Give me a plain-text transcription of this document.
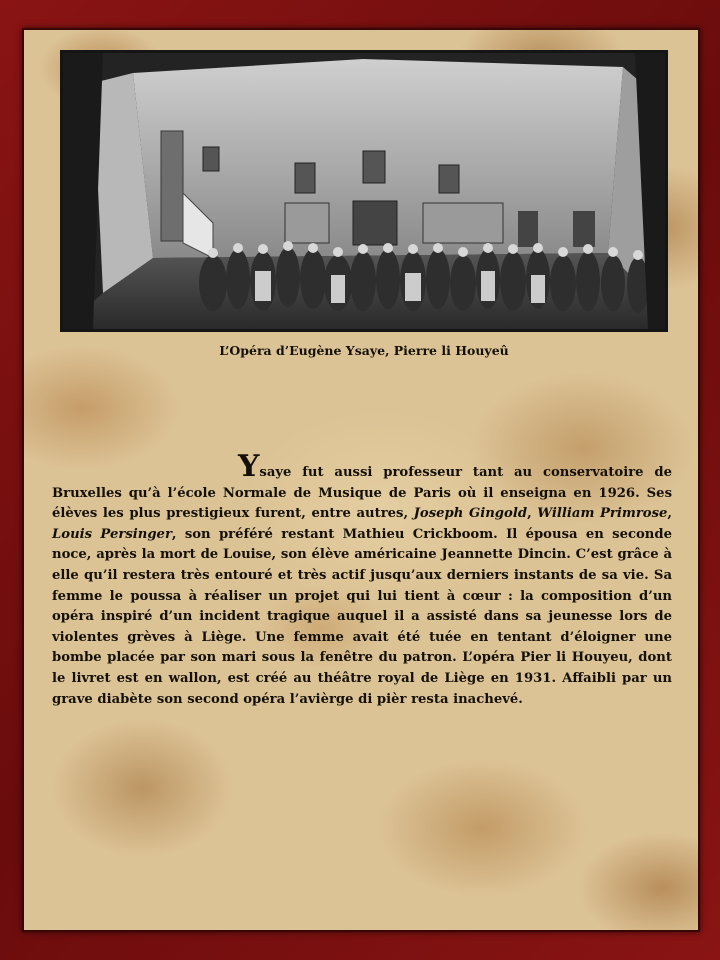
L’Opéra d’Eugène Ysaye, Pierre li Houyeû
Ysaye fut aussi professeur tant au conservatoire de Bruxelles qu’à l’école Normale de Musique de Paris où il enseigna en 1926. Ses élèves les plus prestigieux furent, entre autres, Joseph Gingold, William Primrose, Louis Persinger, son préféré restant Mathieu Crickboom. Il épousa en seconde noce, après la mort de Louise, son élève américaine Jeannette Dincin. C’est grâce à elle qu’il restera très entouré et très actif jusqu’aux derniers instants de sa vie. Sa femme le poussa à réaliser un projet qui lui tient à cœur : la composition d’un opéra inspiré d’un incident tragique auquel il a assisté dans sa jeunesse lors de violentes grèves à Liège. Une femme avait été tuée en tentant d’éloigner une bombe placée par son mari sous la fenêtre du patron. L’opéra Pier li Houyeu, dont le livret est en wallon, est créé au théâtre royal de Liège en 1931. Affaibli par un grave diabète son second opéra l’avièrge di pièr resta inachevé.
